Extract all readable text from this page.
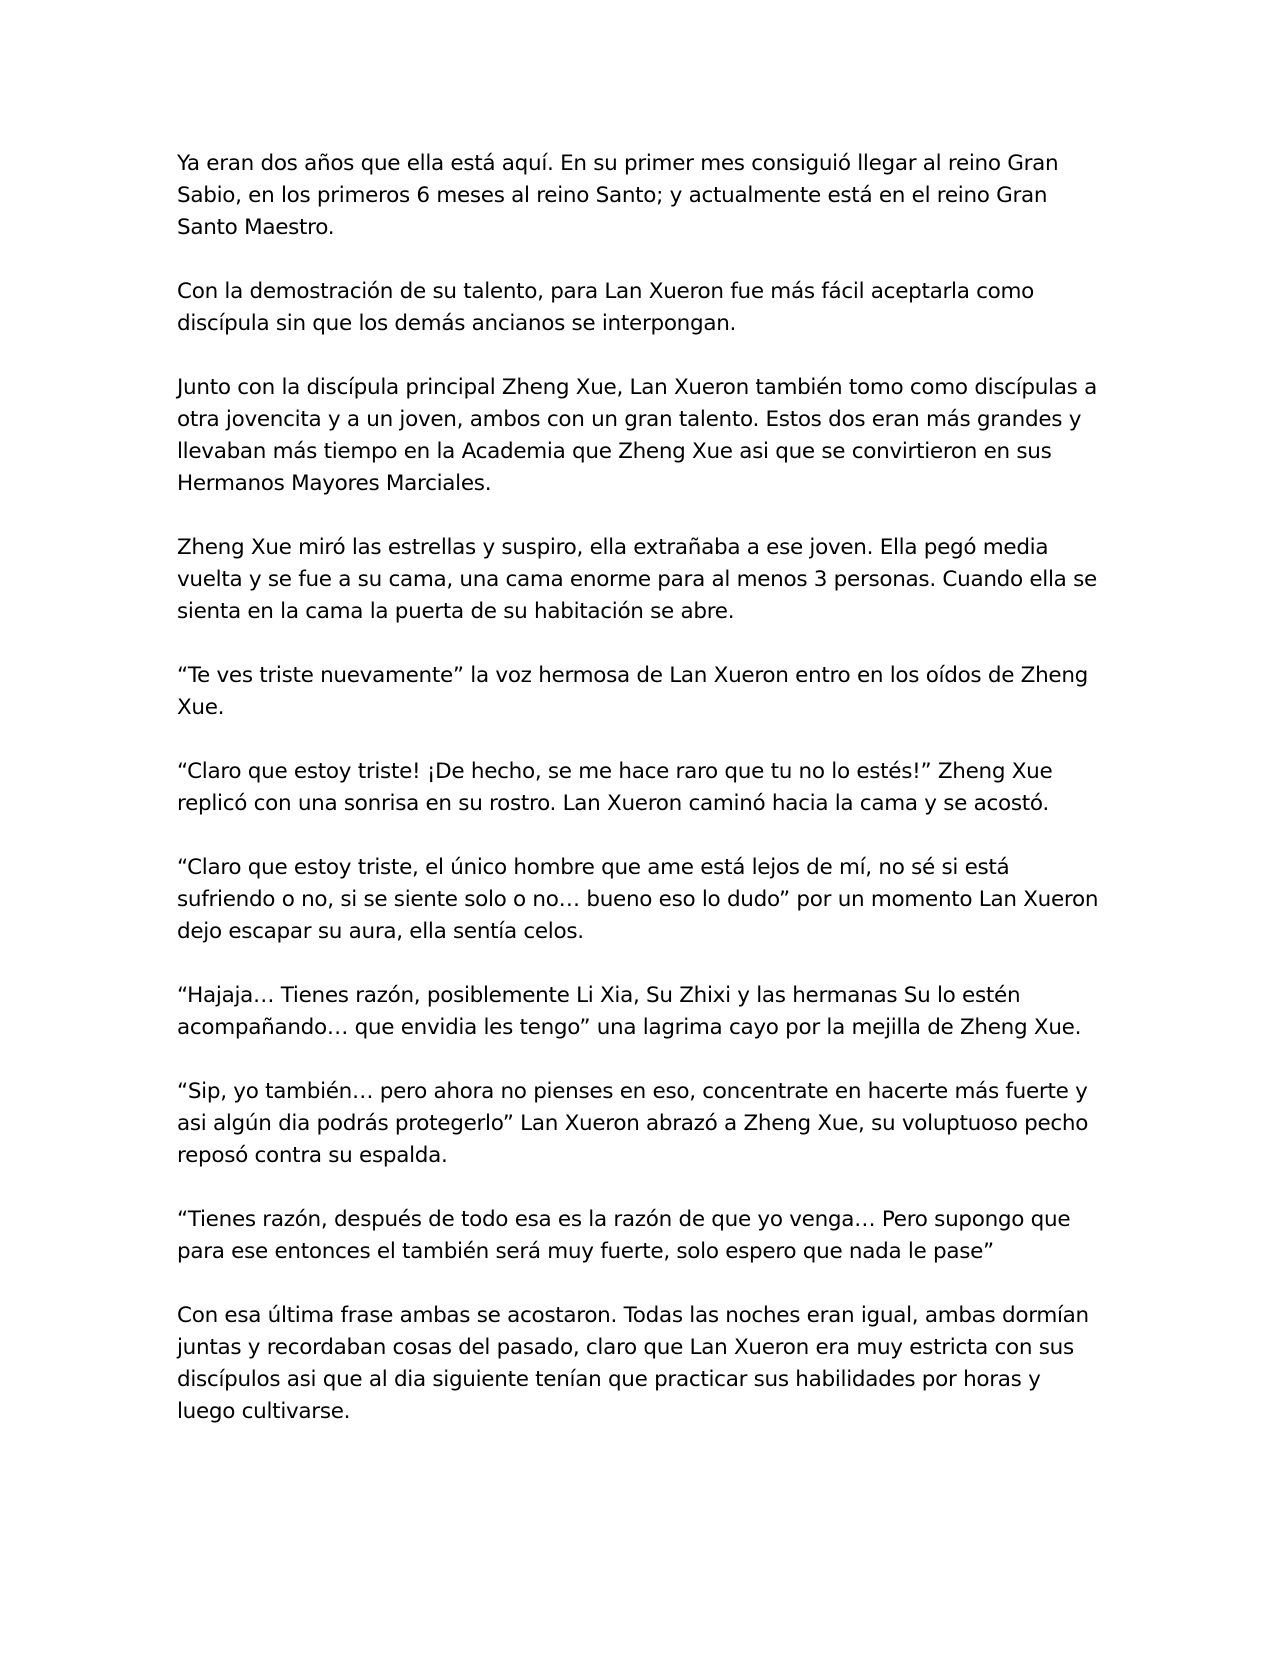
Ya eran dos años que ella está aquí. En su primer mes consiguió llegar al reino Gran
Sabio, en los primeros 6 meses al reino Santo; y actualmente está en el reino Gran
Santo Maestro.

Con la demostración de su talento, para Lan Xueron fue más fácil aceptarla como
discípula sin que los demás ancianos se interpongan.

Junto con la discípula principal Zheng Xue, Lan Xueron también tomo como discípulas a
otra jovencita y a un joven, ambos con un gran talento. Estos dos eran más grandes y
llevaban más tiempo en la Academia que Zheng Xue asi que se convirtieron en sus
Hermanos Mayores Marciales.

Zheng Xue miró las estrellas y suspiro, ella extrañaba a ese joven. Ella pegó media
vuelta y se fue a su cama, una cama enorme para al menos 3 personas. Cuando ella se
sienta en la cama la puerta de su habitación se abre.

“Te ves triste nuevamente” la voz hermosa de Lan Xueron entro en los oídos de Zheng
Xue.

“Claro que estoy triste! ¡De hecho, se me hace raro que tu no lo estés!” Zheng Xue
replicó con una sonrisa en su rostro. Lan Xueron caminó hacia la cama y se acostó.

“Claro que estoy triste, el único hombre que ame está lejos de mí, no sé si está
sufriendo o no, si se siente solo o no… bueno eso lo dudo” por un momento Lan Xueron
dejo escapar su aura, ella sentía celos.

“Hajaja… Tienes razón, posiblemente Li Xia, Su Zhixi y las hermanas Su lo estén
acompañando… que envidia les tengo” una lagrima cayo por la mejilla de Zheng Xue.

“Sip, yo también… pero ahora no pienses en eso, concentrate en hacerte más fuerte y
asi algún dia podrás protegerlo” Lan Xueron abrazó a Zheng Xue, su voluptuoso pecho
reposó contra su espalda.

“Tienes razón, después de todo esa es la razón de que yo venga… Pero supongo que
para ese entonces el también será muy fuerte, solo espero que nada le pase”

Con esa última frase ambas se acostaron. Todas las noches eran igual, ambas dormían
juntas y recordaban cosas del pasado, claro que Lan Xueron era muy estricta con sus
discípulos asi que al dia siguiente tenían que practicar sus habilidades por horas y
luego cultivarse.
